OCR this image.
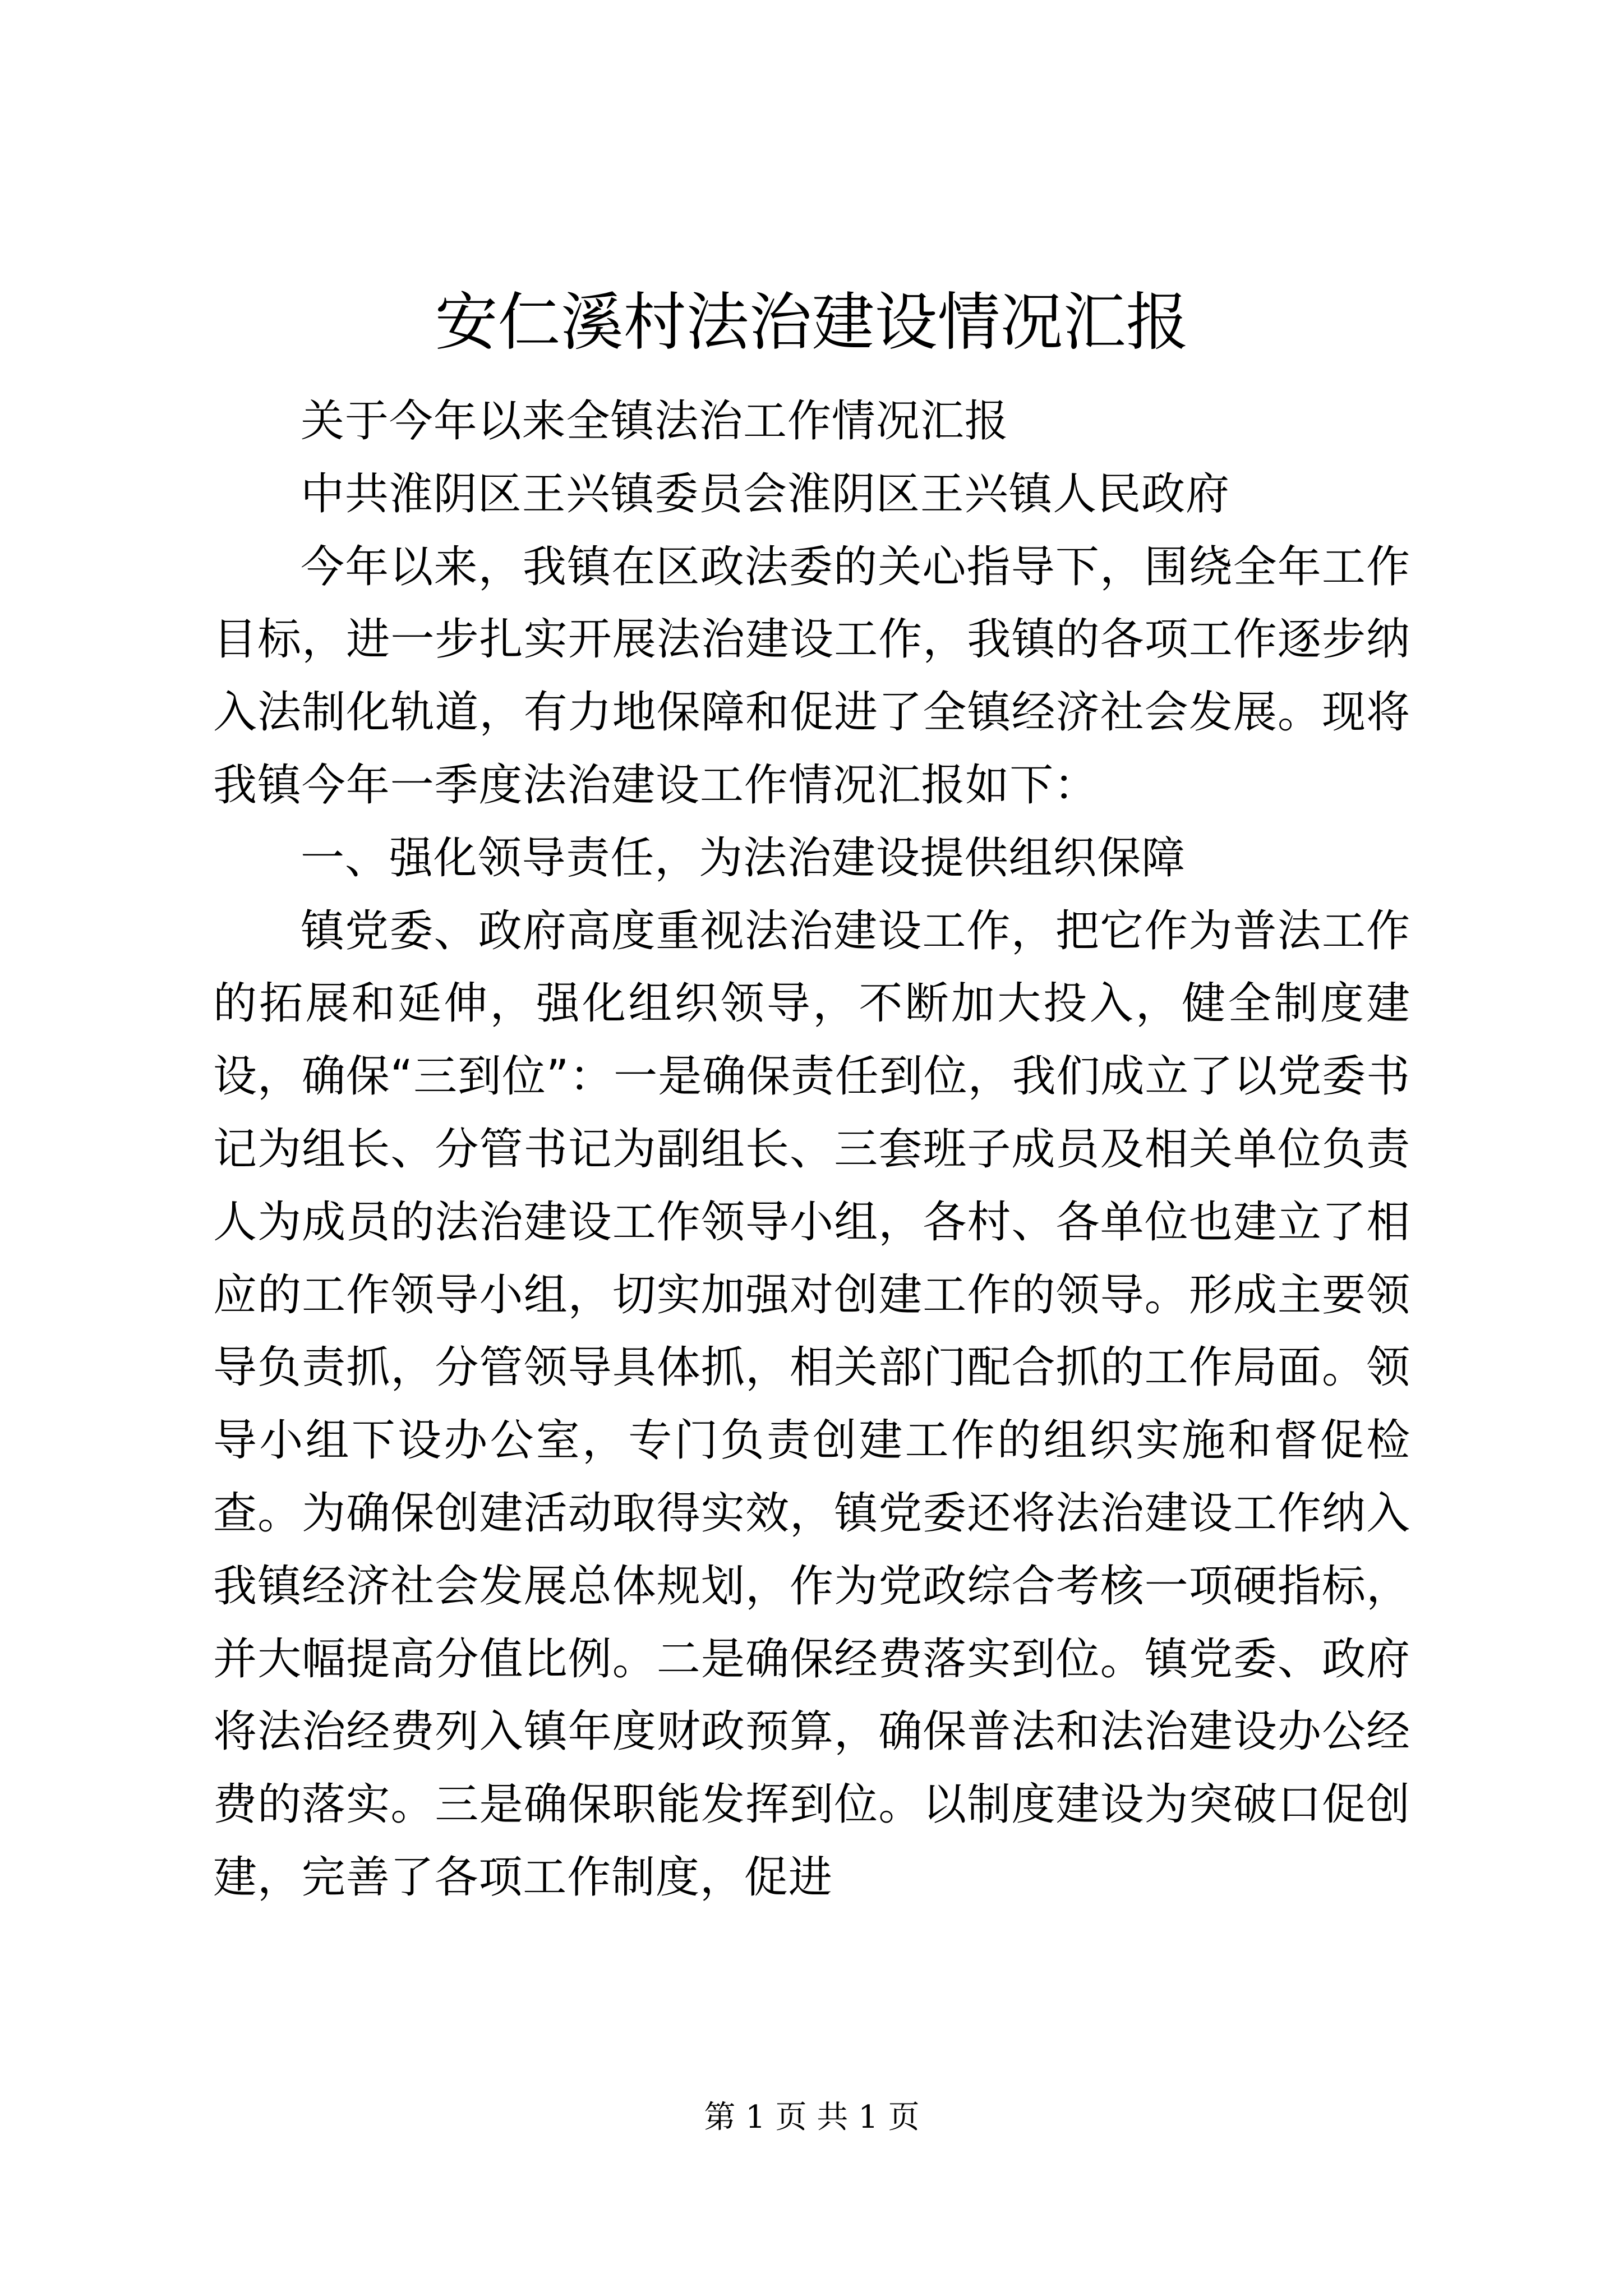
安仁溪村法治建设情况汇报

关于今年以来全镇法治工作情况汇报

中共淮阴区王兴镇委员会淮阴区王兴镇人民政府

今年以来，我镇在区政法委的关心指导下，围绕全年工作目标，进一步扎实开展法治建设工作，我镇的各项工作逐步纳入法制化轨道，有力地保障和促进了全镇经济社会发展。现将我镇今年一季度法治建设工作情况汇报如下：

一、强化领导责任，为法治建设提供组织保障

镇党委、政府高度重视法治建设工作，把它作为普法工作的拓展和延伸，强化组织领导，不断加大投入，健全制度建设，确保“三到位”：一是确保责任到位，我们成立了以党委书记为组长、分管书记为副组长、三套班子成员及相关单位负责人为成员的法治建设工作领导小组，各村、各单位也建立了相应的工作领导小组，切实加强对创建工作的领导。形成主要领导负责抓，分管领导具体抓，相关部门配合抓的工作局面。领导小组下设办公室，专门负责创建工作的组织实施和督促检查。为确保创建活动取得实效，镇党委还将法治建设工作纳入我镇经济社会发展总体规划，作为党政综合考核一项硬指标，并大幅提高分值比例。二是确保经费落实到位。镇党委、政府将法治经费列入镇年度财政预算，确保普法和法治建设办公经费的落实。三是确保职能发挥到位。以制度建设为突破口促创建，完善了各项工作制度，促进

第 1 页 共 1 页
